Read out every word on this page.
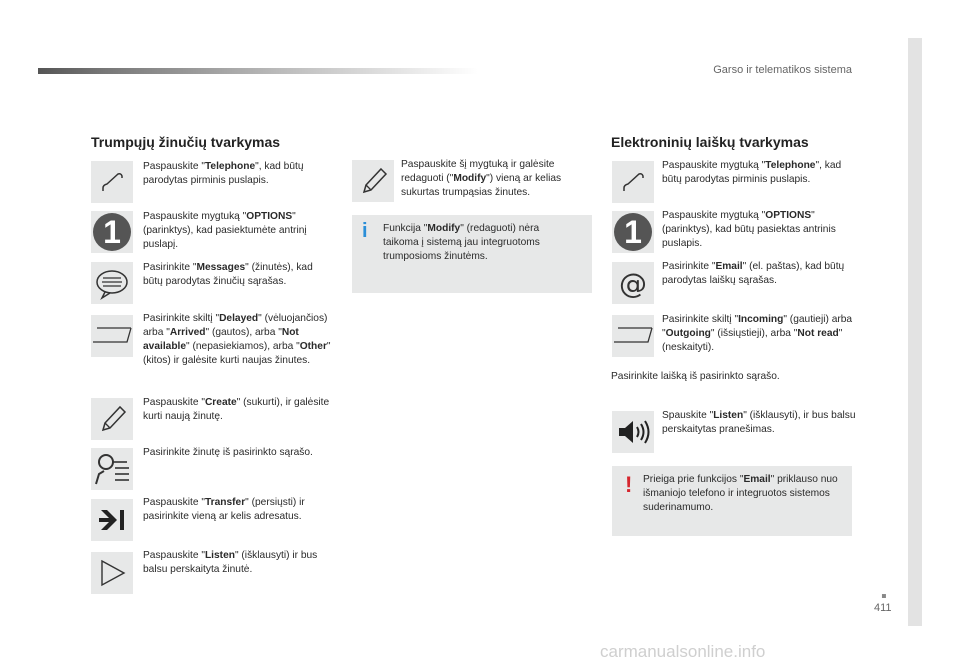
Garso ir telematikos sistema
▪
411
Trumpųjų žinučių tvarkymas
Paspauskite "Telephone", kad būtų parodytas pirminis puslapis.
1 Paspauskite mygtuką "OPTIONS" (parinktys), kad pasiektumėte antrinį puslapį.
Pasirinkite "Messages" (žinutės), kad būtų parodytas žinučių sąrašas.
Pasirinkite skiltį "Delayed" (vėluojančios) arba "Arrived" (gautos), arba "Not available" (nepasiekiamos), arba "Other" (kitos) ir galėsite kurti naujas žinutes.
Paspauskite "Create" (sukurti), ir galėsite kurti naują žinutę.
Pasirinkite žinutę iš pasirinkto sąrašo.
Paspauskite "Transfer" (persiųsti) ir pasirinkite vieną ar kelis adresatus.
Paspauskite "Listen" (išklausyti) ir bus balsu perskaityta žinutė.
Paspauskite šį mygtuką ir galėsite redaguoti ("Modify") vieną ar kelias sukurtas trumpąsias žinutes.
i Funkcija "Modify" (redaguoti) nėra taikoma į sistemą jau integruotoms trumposioms žinutėms.
Elektroninių laiškų tvarkymas
Paspauskite mygtuką "Telephone", kad būtų parodytas pirminis puslapis.
1 Paspauskite mygtuką "OPTIONS" (parinktys), kad būtų pasiektas antrinis puslapis.
@
Pasirinkite "Email" (el. paštas), kad būtų parodytas laiškų sąrašas.
Pasirinkite skiltį "Incoming" (gautieji) arba "Outgoing" (išsiųstieji), arba "Not read" (neskaityti).
Pasirinkite laišką iš pasirinkto sąrašo.
Spauskite "Listen" (išklausyti), ir bus balsu perskaitytas pranešimas.
! Prieiga prie funkcijos "Email" priklauso nuo išmaniojo telefono ir integruotos sistemos suderinamumo.
carmanualsonline.info
